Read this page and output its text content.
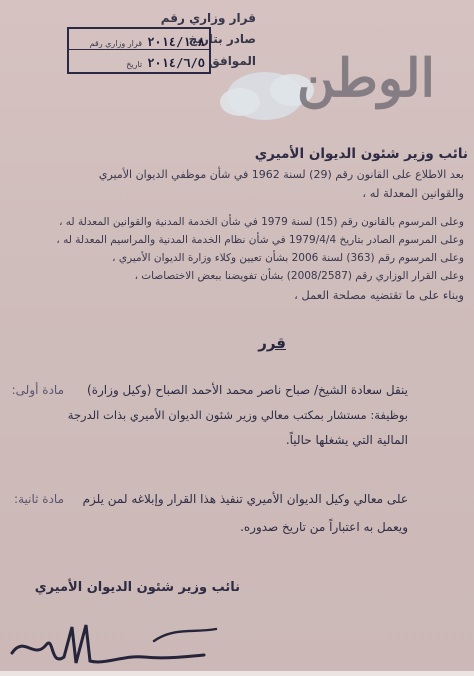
قرار وزاري رقم
صادر بتاريخ
الموافق
٢٠١٤/١٠٨ قرار وزاري رقم
٢٠١٤/٦/٥ تاريخ	الوطن
نائب وزير شئون الديوان الأميري
بعد الاطلاع على القانون رقم (29) لسنة 1962 في شأن موظفي الديوان الأميري
والقوانين المعدلة له ،
وعلى المرسوم بالقانون رقم (15) لسنة 1979 في شأن الخدمة المدنية والقوانين المعدلة له ،
وعلى المرسوم الصادر بتاريخ 1979/4/4 في شأن نظام الخدمة المدنية والمراسيم المعدلة له ،
وعلى المرسوم رقم (363) لسنة 2006 بشأن تعيين وكلاء وزارة الديوان الأميري ،
وعلى القرار الوزاري رقم (2008/2587) بشأن تفويضنا ببعض الاختصاصات ،
وبناء على ما تقتضيه مصلحة العمل ،
قرر
مادة أولى: ينقل سعادة الشيخ/ صباح ناصر محمد الأحمد الصباح (وكيل وزارة)
بوظيفة: مستشار بمكتب معالي وزير شئون الديوان الأميري بذات الدرجة
المالية التي يشغلها حالياً.
مادة ثانية: على معالي وكيل الديوان الأميري تنفيذ هذا القرار وإبلاغه لمن يلزم
ويعمل به اعتباراً من تاريخ صدوره.
نائب وزير شئون الديوان الأميري
